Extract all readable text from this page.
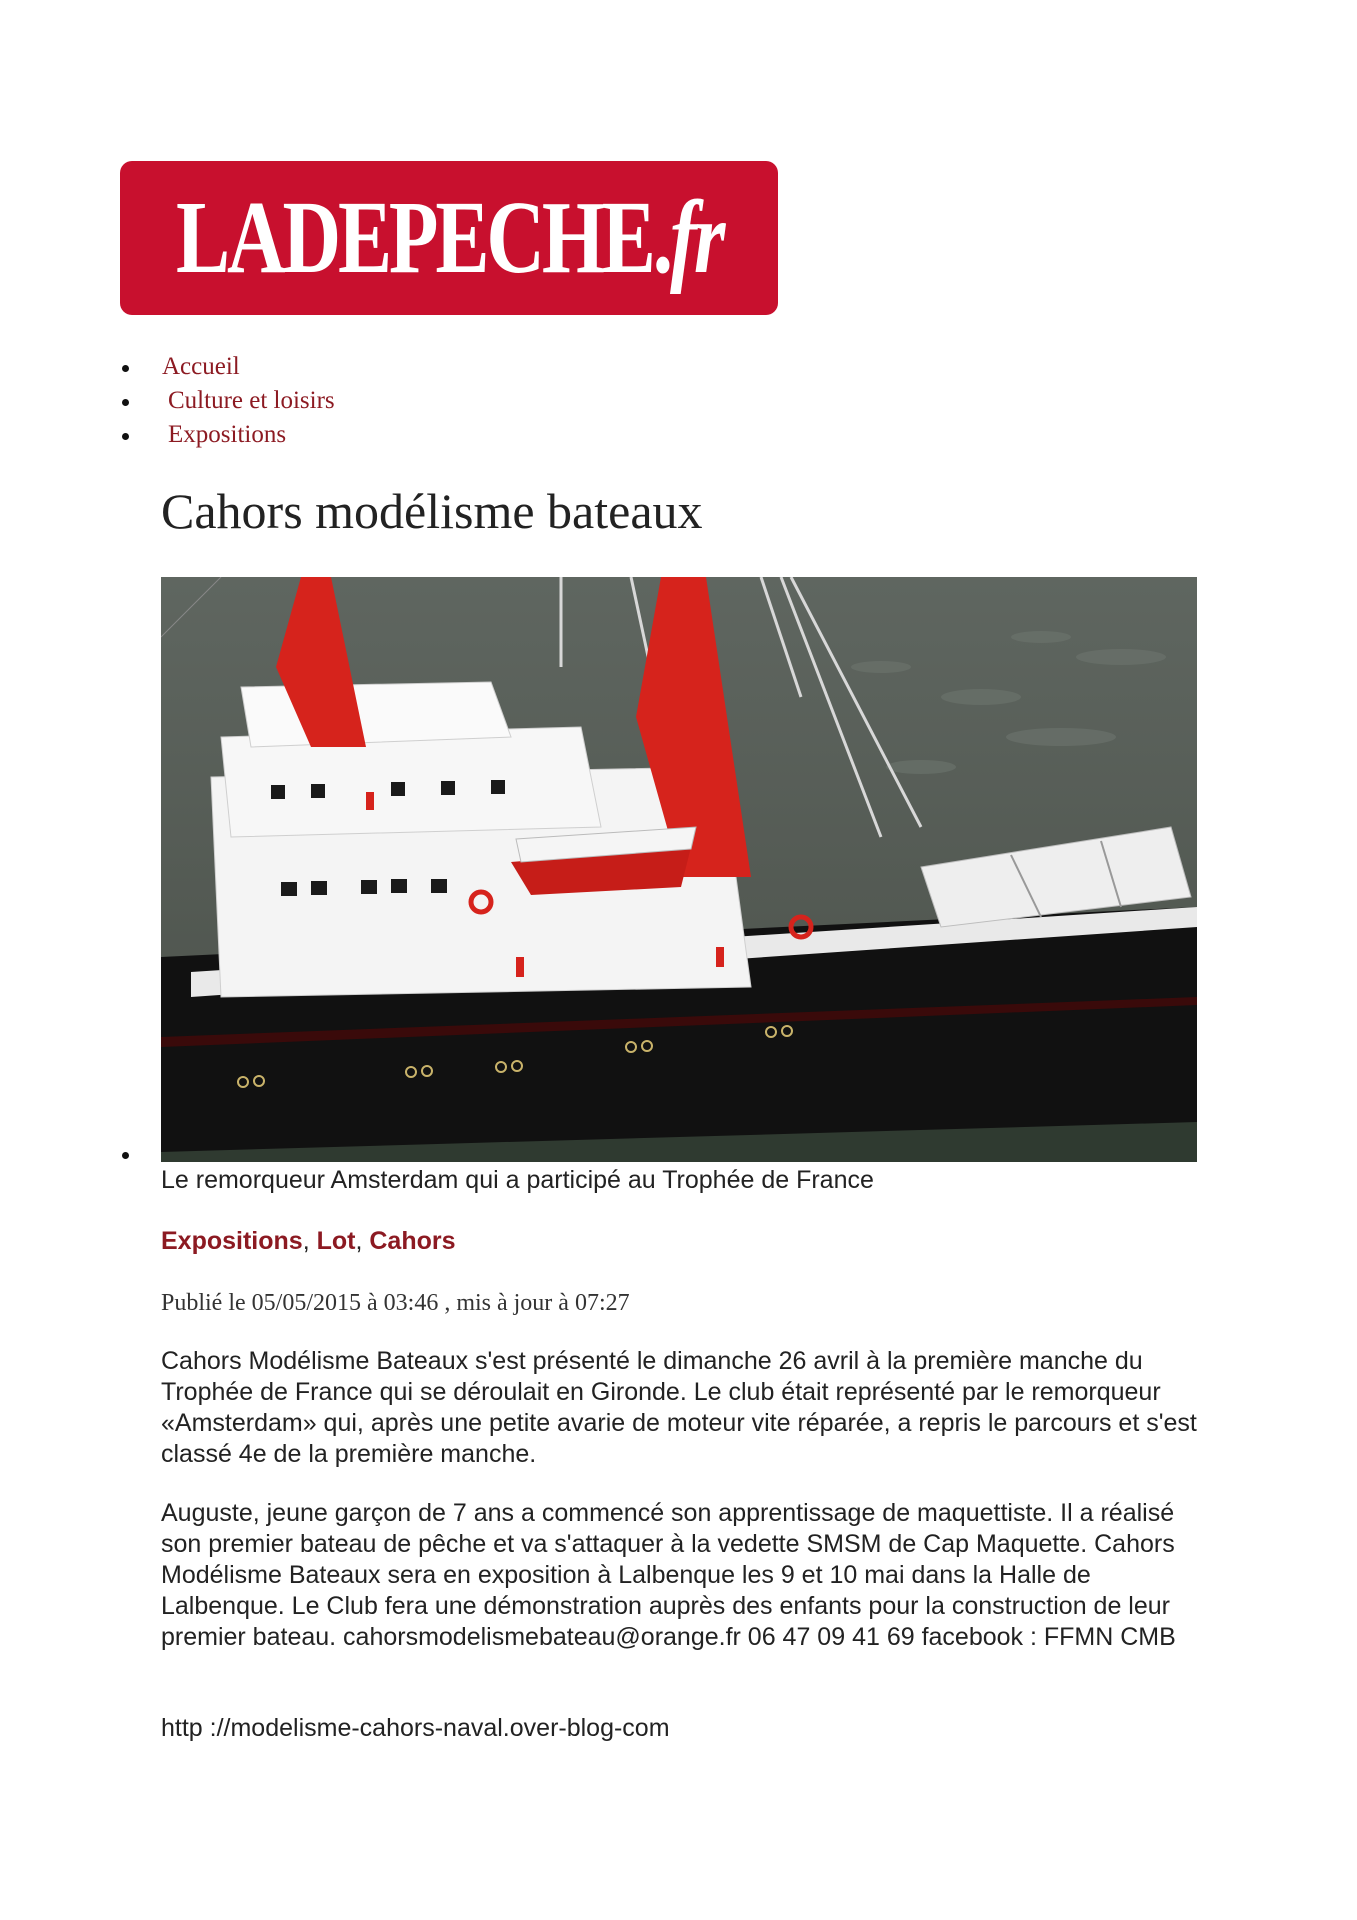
LADEPECHE.fr
Accueil
Culture et loisirs
Expositions
Cahors modélisme bateaux
Le remorqueur Amsterdam qui a participé au Trophée de France
Expositions, Lot, Cahors
Publié le 05/05/2015 à 03:46 , mis à jour à 07:27

Cahors Modélisme Bateaux s'est présenté le dimanche 26 avril à la première manche du Trophée de France qui se déroulait en Gironde. Le club était représenté par le remorqueur «Amsterdam» qui, après une petite avarie de moteur vite réparée, a repris le parcours et s'est classé 4e de la première manche.

Auguste, jeune garçon de 7 ans a commencé son apprentissage de maquettiste. Il a réalisé son premier bateau de pêche et va s'attaquer à la vedette SMSM de Cap Maquette. Cahors Modélisme Bateaux sera en exposition à Lalbenque les 9 et 10 mai dans la Halle de Lalbenque. Le Club fera une démonstration auprès des enfants pour la construction de leur premier bateau. cahorsmodelismebateau@orange.fr 06 47 09 41 69 facebook : FFMN CMB

http ://modelisme-cahors-naval.over-blog-com
